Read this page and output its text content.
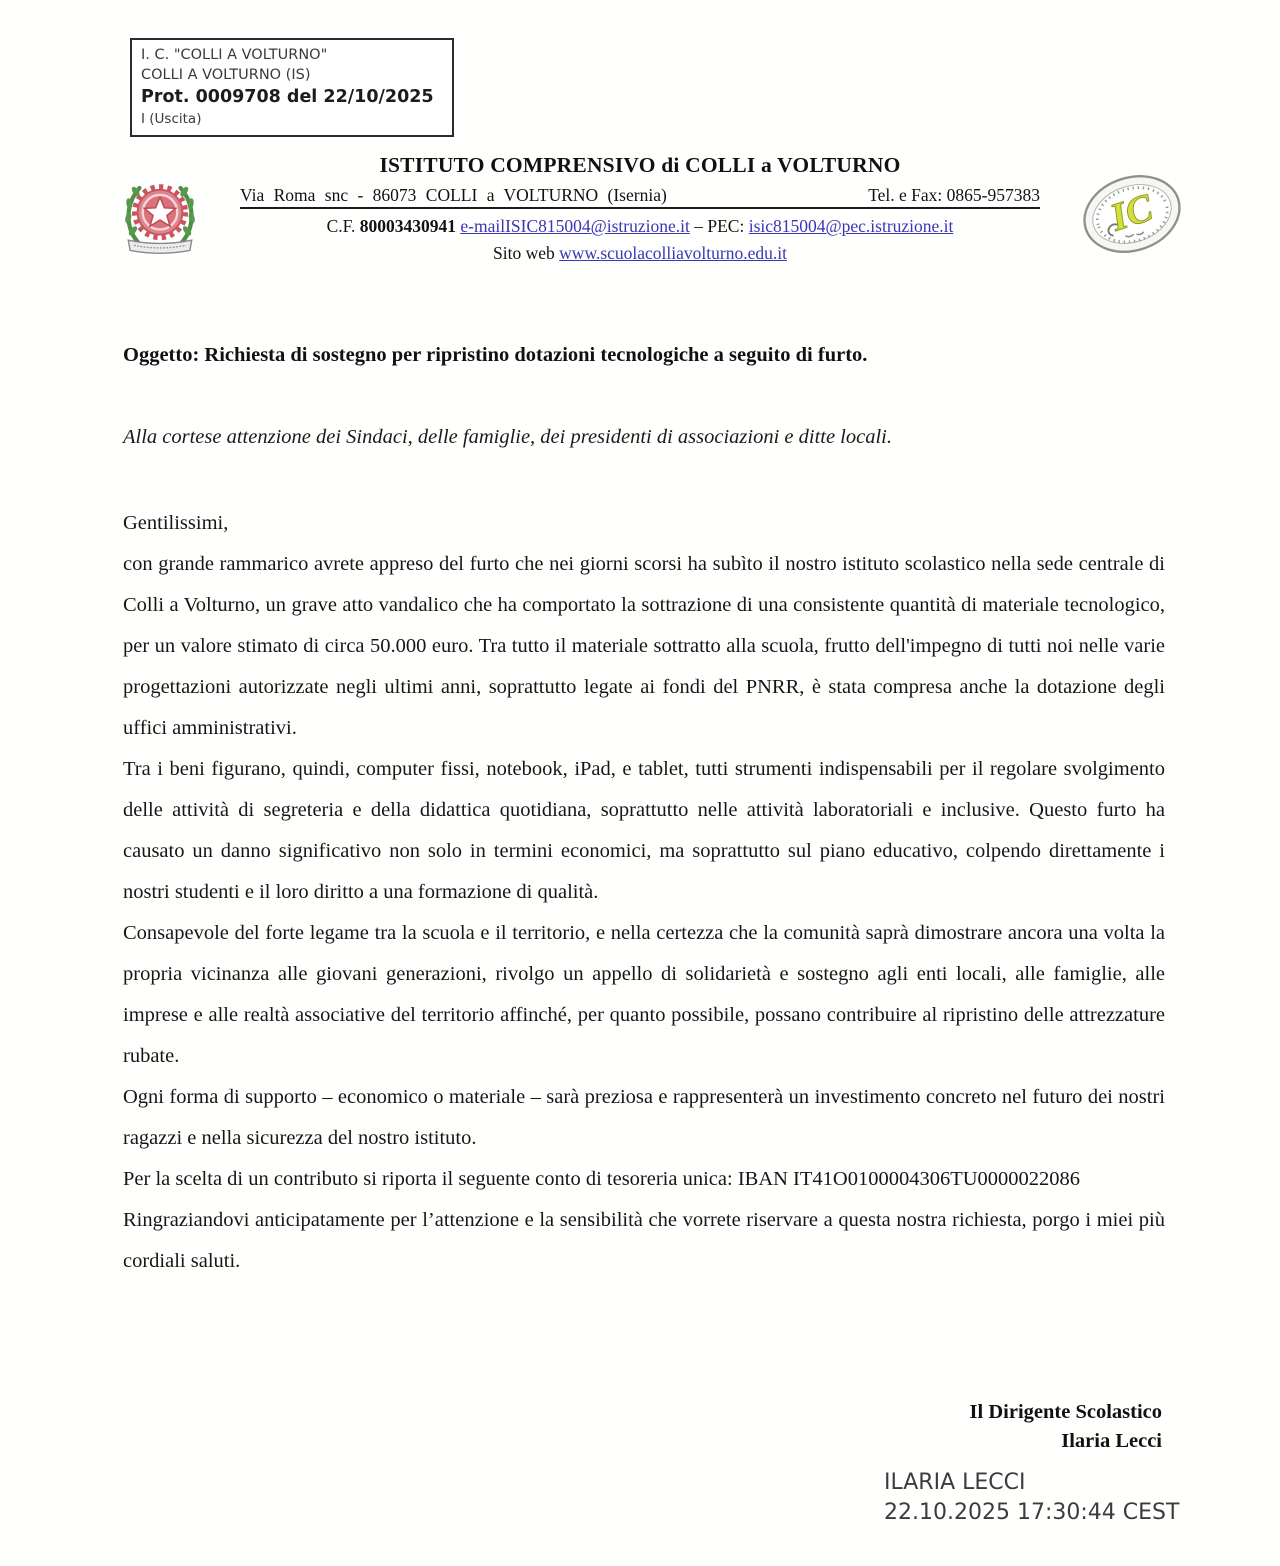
I. C. "COLLI A VOLTURNO"
COLLI A VOLTURNO (IS)
Prot. 0009708 del 22/10/2025
I (Uscita)
IC
ISTITUTO COMPRENSIVO di COLLI a VOLTURNO
Via Roma snc - 86073 COLLI a VOLTURNO (Isernia)	Tel. e Fax: 0865-957383
C.F. 80003430941 e-mailISIC815004@istruzione.it – PEC: isic815004@pec.istruzione.it
Sito web www.scuolacolliavolturno.edu.it
Oggetto: Richiesta di sostegno per ripristino dotazioni tecnologiche a seguito di furto.
Alla cortese attenzione dei Sindaci, delle famiglie, dei presidenti di associazioni e ditte locali.

Gentilissimi,

con grande rammarico avrete appreso del furto che nei giorni scorsi ha subìto il nostro istituto scolastico nella sede centrale di Colli a Volturno, un grave atto vandalico che ha comportato la sottrazione di una consistente quantità di materiale tecnologico, per un valore stimato di circa 50.000 euro. Tra tutto il materiale sottratto alla scuola, frutto dell'impegno di tutti noi nelle varie progettazioni autorizzate negli ultimi anni, soprattutto legate ai fondi del PNRR, è stata compresa anche la dotazione degli uffici amministrativi.

Tra i beni figurano, quindi, computer fissi, notebook, iPad, e tablet, tutti strumenti indispensabili per il regolare svolgimento delle attività di segreteria e della didattica quotidiana, soprattutto nelle attività laboratoriali e inclusive. Questo furto ha causato un danno significativo non solo in termini economici, ma soprattutto sul piano educativo, colpendo direttamente i nostri studenti e il loro diritto a una formazione di qualità.

Consapevole del forte legame tra la scuola e il territorio, e nella certezza che la comunità saprà dimostrare ancora una volta la propria vicinanza alle giovani generazioni, rivolgo un appello di solidarietà e sostegno agli enti locali, alle famiglie, alle imprese e alle realtà associative del territorio affinché, per quanto possibile, possano contribuire al ripristino delle attrezzature rubate.

Ogni forma di supporto – economico o materiale – sarà preziosa e rappresenterà un investimento concreto nel futuro dei nostri ragazzi e nella sicurezza del nostro istituto.

Per la scelta di un contributo si riporta il seguente conto di tesoreria unica: IBAN IT41O0100004306TU0000022086

Ringraziandovi anticipatamente per l’attenzione e la sensibilità che vorrete riservare a questa nostra richiesta, porgo i miei più cordiali saluti.

Il Dirigente Scolastico
Ilaria Lecci
ILARIA LECCI
22.10.2025 17:30:44 CEST
